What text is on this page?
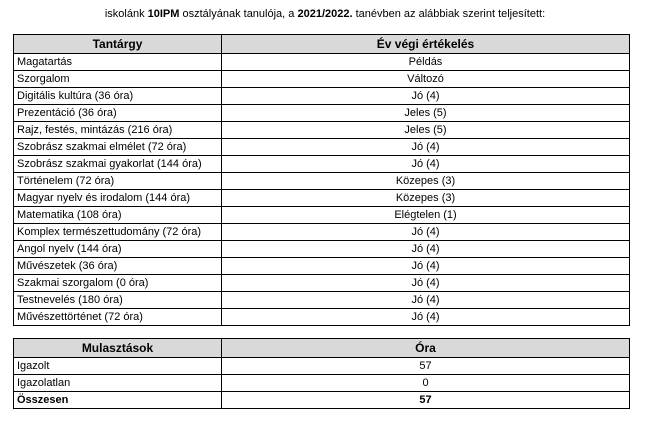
iskolánk 10IPM osztályának tanulója, a 2021/2022. tanévben az alábbiak szerint teljesített:
Tantárgy	Év végi értékelés
Magatartás	Példás
Szorgalom	Változó
Digitális kultúra (36 óra)	Jó (4)
Prezentáció (36 óra)	Jeles (5)
Rajz, festés, mintázás (216 óra)	Jeles (5)
Szobrász szakmai elmélet (72 óra)	Jó (4)
Szobrász szakmai gyakorlat (144 óra)	Jó (4)
Történelem (72 óra)	Közepes (3)
Magyar nyelv és irodalom (144 óra)	Közepes (3)
Matematika (108 óra)	Elégtelen (1)
Komplex természettudomány (72 óra)	Jó (4)
Angol nyelv (144 óra)	Jó (4)
Művészetek (36 óra)	Jó (4)
Szakmai szorgalom (0 óra)	Jó (4)
Testnevelés (180 óra)	Jó (4)
Művészettörténet (72 óra)	Jó (4)
Mulasztások	Óra
Igazolt	57
Igazolatlan	0
Összesen	57
